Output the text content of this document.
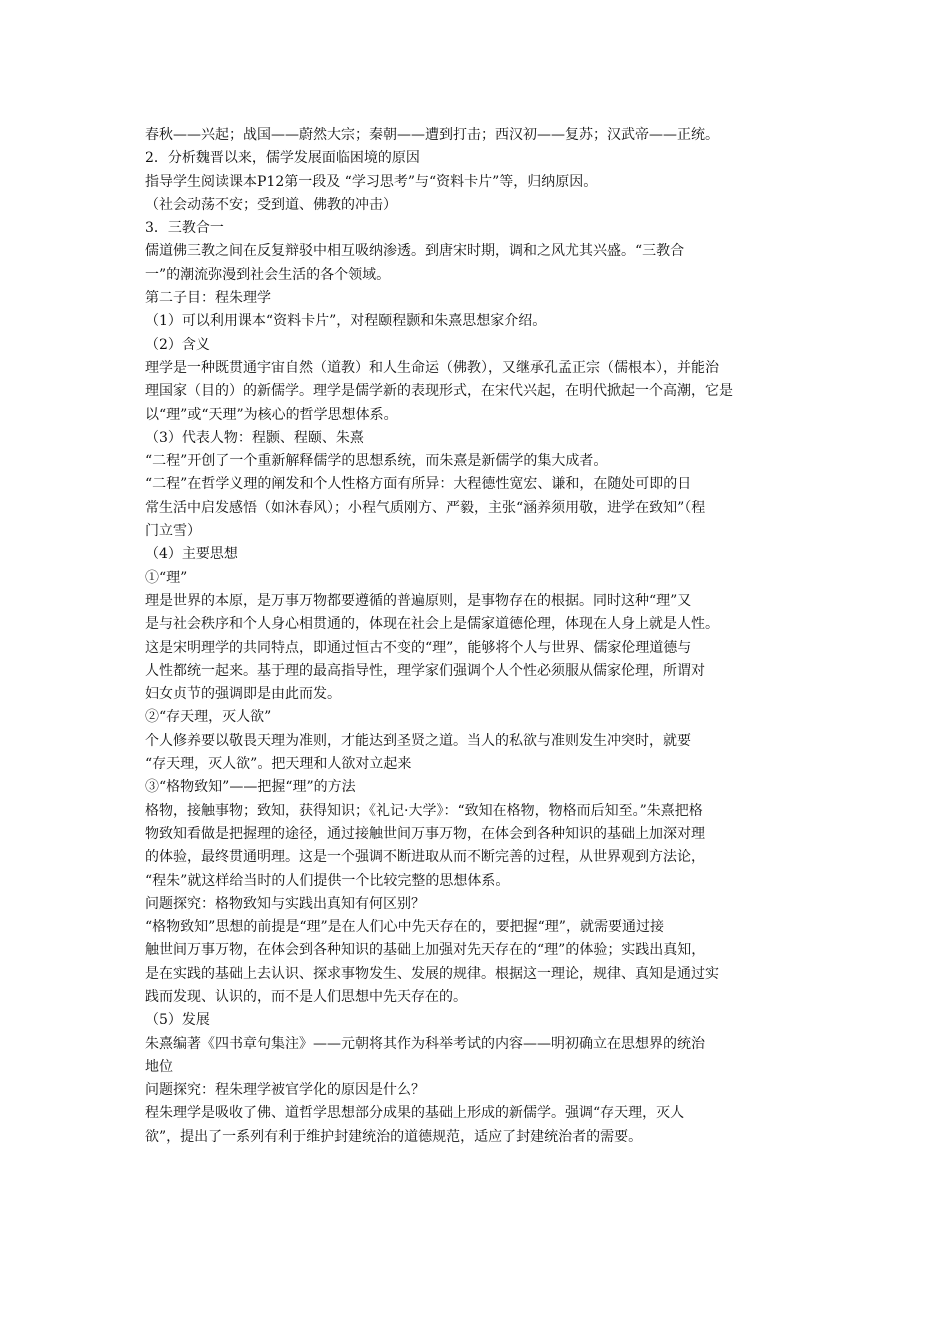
春秋——兴起；战国——蔚然大宗；秦朝——遭到打击；西汉初——复苏；汉武帝——正统。
2．分析魏晋以来，儒学发展面临困境的原因
指导学生阅读课本P12第一段及 “学习思考”与“资料卡片”等，归纳原因。
（社会动荡不安；受到道、佛教的冲击）
3．三教合一
儒道佛三教之间在反复辩驳中相互吸纳渗透。到唐宋时期，调和之风尤其兴盛。“三教合
一”的潮流弥漫到社会生活的各个领域。
第二子目：程朱理学
（1）可以利用课本“资料卡片”，对程颐程颢和朱熹思想家介绍。
（2）含义
理学是一种既贯通宇宙自然（道教）和人生命运（佛教），又继承孔孟正宗（儒根本），并能治
理国家（目的）的新儒学。理学是儒学新的表现形式，在宋代兴起，在明代掀起一个高潮，它是
以“理”或“天理”为核心的哲学思想体系。
（3）代表人物：程颢、程颐、朱熹
“二程”开创了一个重新解释儒学的思想系统，而朱熹是新儒学的集大成者。
“二程”在哲学义理的阐发和个人性格方面有所异：大程德性宽宏、谦和，在随处可即的日
常生活中启发感悟（如沐春风）；小程气质刚方、严毅，主张“涵养须用敬，进学在致知”（程
门立雪）
（4）主要思想
①“理”
理是世界的本原，是万事万物都要遵循的普遍原则，是事物存在的根据。同时这种“理”又
是与社会秩序和个人身心相贯通的，体现在社会上是儒家道德伦理，体现在人身上就是人性。
这是宋明理学的共同特点，即通过恒古不变的“理”，能够将个人与世界、儒家伦理道德与
人性都统一起来。基于理的最高指导性，理学家们强调个人个性必须服从儒家伦理，所谓对
妇女贞节的强调即是由此而发。
②“存天理，灭人欲”
个人修养要以敬畏天理为准则，才能达到圣贤之道。当人的私欲与准则发生冲突时，就要
“存天理，灭人欲”。把天理和人欲对立起来
③“格物致知”——把握“理”的方法
格物，接触事物；致知，获得知识；《礼记·大学》：“致知在格物，物格而后知至。”朱熹把格
物致知看做是把握理的途径，通过接触世间万事万物，在体会到各种知识的基础上加深对理
的体验，最终贯通明理。这是一个强调不断进取从而不断完善的过程，从世界观到方法论，
“程朱”就这样给当时的人们提供一个比较完整的思想体系。
问题探究：格物致知与实践出真知有何区别？
“格物致知”思想的前提是“理”是在人们心中先天存在的，要把握“理”，就需要通过接
触世间万事万物，在体会到各种知识的基础上加强对先天存在的“理”的体验；实践出真知，
是在实践的基础上去认识、探求事物发生、发展的规律。根据这一理论，规律、真知是通过实
践而发现、认识的，而不是人们思想中先天存在的。
（5）发展
朱熹编著《四书章句集注》——元朝将其作为科举考试的内容——明初确立在思想界的统治
地位
问题探究：程朱理学被官学化的原因是什么？
程朱理学是吸收了佛、道哲学思想部分成果的基础上形成的新儒学。强调“存天理，灭人
欲”，提出了一系列有利于维护封建统治的道德规范，适应了封建统治者的需要。
